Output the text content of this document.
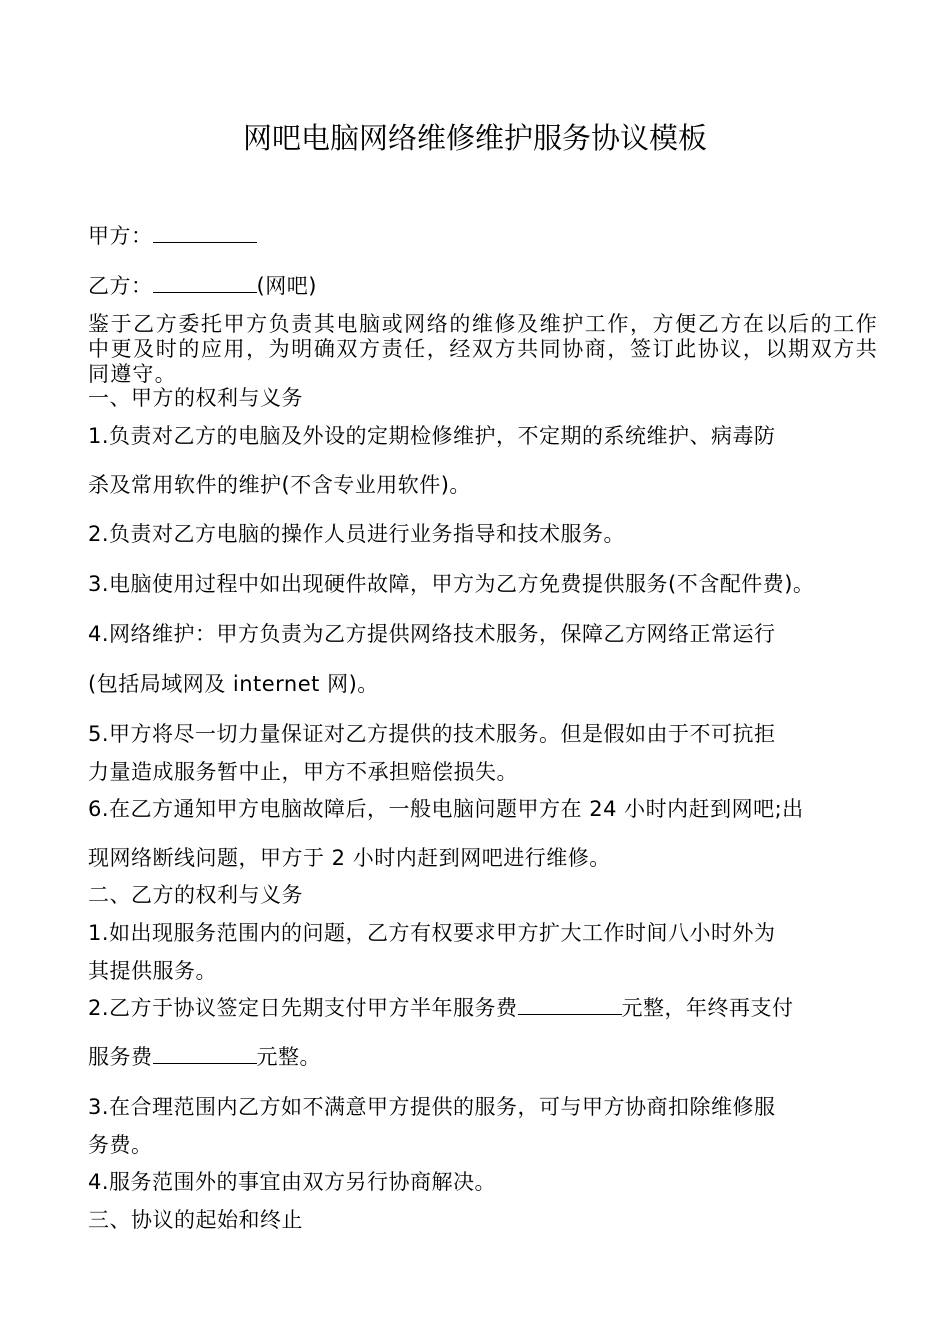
网吧电脑网络维修维护服务协议模板
甲方：
乙方：	(网吧)
鉴于乙方委托甲方负责其电脑或网络的维修及维护工作，方便乙方在以后的工作中更及时的应用，为明确双方责任，经双方共同协商，签订此协议，以期双方共同遵守。
一、甲方的权利与义务
1.负责对乙方的电脑及外设的定期检修维护，不定期的系统维护、病毒防
杀及常用软件的维护(不含专业用软件)。
2.负责对乙方电脑的操作人员进行业务指导和技术服务。
3.电脑使用过程中如出现硬件故障，甲方为乙方免费提供服务(不含配件费)。
4.网络维护：甲方负责为乙方提供网络技术服务，保障乙方网络正常运行
(包括局域网及 internet 网)。
5.甲方将尽一切力量保证对乙方提供的技术服务。但是假如由于不可抗拒
力量造成服务暂中止，甲方不承担赔偿损失。
6.在乙方通知甲方电脑故障后，一般电脑问题甲方在 24 小时内赶到网吧;出
现网络断线问题，甲方于 2 小时内赶到网吧进行维修。
二、乙方的权利与义务
1.如出现服务范围内的问题，乙方有权要求甲方扩大工作时间八小时外为
其提供服务。
2.乙方于协议签定日先期支付甲方半年服务费	元整，年终再支付
服务费	元整。
3.在合理范围内乙方如不满意甲方提供的服务，可与甲方协商扣除维修服
务费。
4.服务范围外的事宜由双方另行协商解决。
三、协议的起始和终止
